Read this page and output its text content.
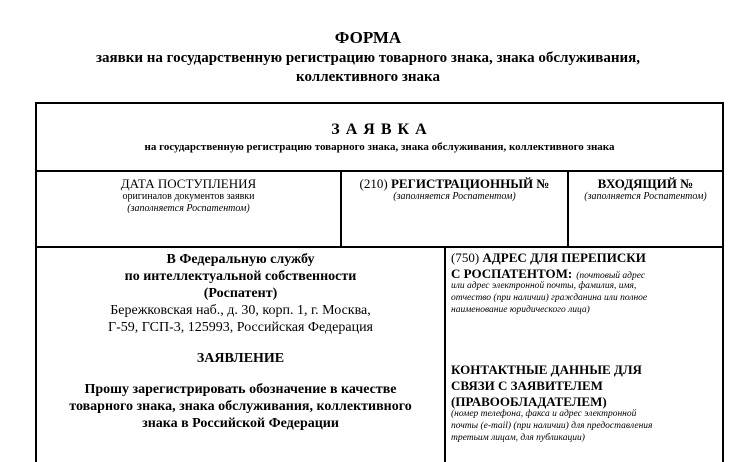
ФОРМА
заявки на государственную регистрацию товарного знака, знака обслуживания,
коллективного знака
З А Я В К А
на государственную регистрацию товарного знака, знака обслуживания, коллективного знака
ДАТА ПОСТУПЛЕНИЯ
оригиналов документов заявки
(заполняется Роспатентом)
(210) РЕГИСТРАЦИОННЫЙ №
(заполняется Роспатентом)
ВХОДЯЩИЙ №
(заполняется Роспатентом)
В Федеральную службу
по интеллектуальной собственности
(Роспатент)
Бережковская наб., д. 30, корп. 1, г. Москва,
Г-59, ГСП-3, 125993, Российская Федерация
ЗАЯВЛЕНИЕ
Прошу зарегистрировать обозначение в качестве
товарного знака, знака обслуживания, коллективного
знака в Российской Федерации
(750) АДРЕС ДЛЯ ПЕРЕПИСКИ
С РОСПАТЕНТОМ: (почтовый адрес
или адрес электронной почты, фамилия, имя,
отчество (при наличии) гражданина или полное
наименование юридического лица)
КОНТАКТНЫЕ ДАННЫЕ ДЛЯ
СВЯЗИ С ЗАЯВИТЕЛЕМ
(ПРАВООБЛАДАТЕЛЕМ)
(номер телефона, факса и адрес электронной
почты (e-mail) (при наличии) для предоставления
третьим лицам, для публикации)
